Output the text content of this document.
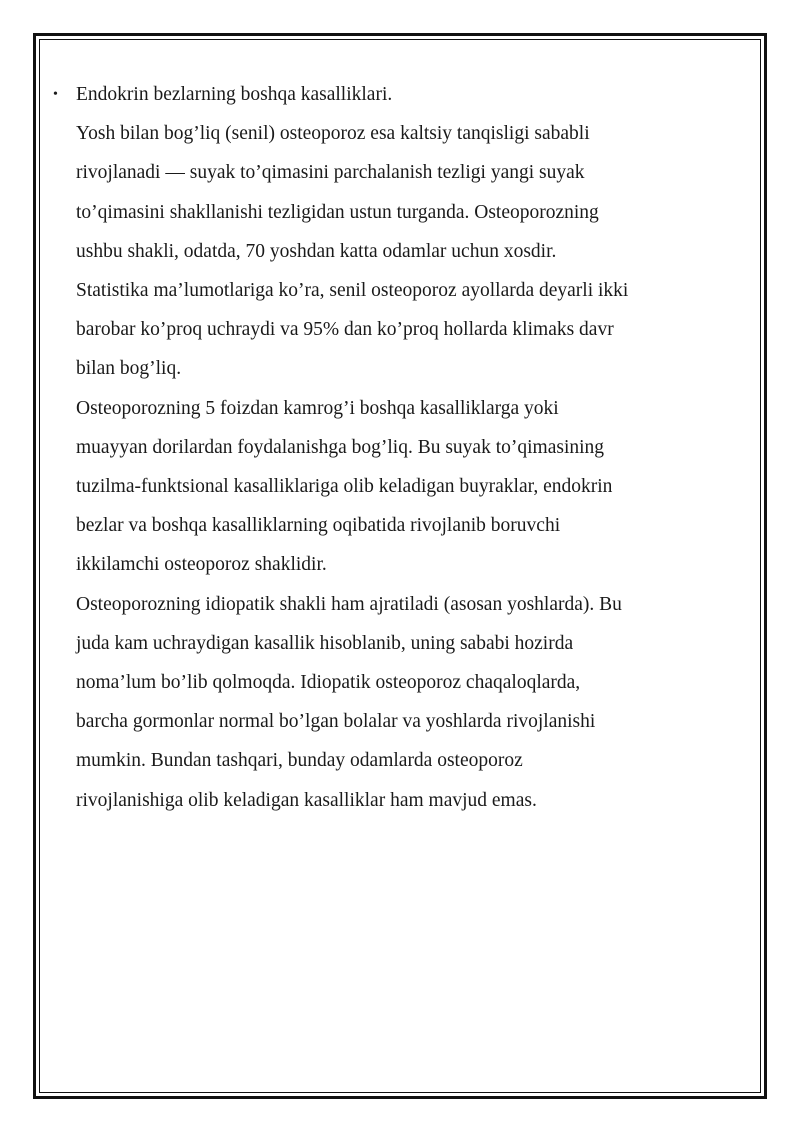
• Endokrin bezlarning boshqa kasalliklari.
Yosh bilan bog’liq (senil) osteoporoz esa kaltsiy tanqisligi sababli
rivojlanadi — suyak to’qimasini parchalanish tezligi yangi suyak
to’qimasini shakllanishi tezligidan ustun turganda. Osteoporozning
ushbu shakli, odatda, 70 yoshdan katta odamlar uchun xosdir.
Statistika ma’lumotlariga ko’ra, senil osteoporoz ayollarda deyarli ikki
barobar ko’proq uchraydi va 95% dan ko’proq hollarda klimaks davr
bilan bog’liq.
Osteoporozning 5 foizdan kamrog’i boshqa kasalliklarga yoki
muayyan dorilardan foydalanishga bog’liq. Bu suyak to’qimasining
tuzilma-funktsional kasalliklariga olib keladigan buyraklar, endokrin
bezlar va boshqa kasalliklarning oqibatida rivojlanib boruvchi
ikkilamchi osteoporoz shaklidir.
Osteoporozning idiopatik shakli ham ajratiladi (asosan yoshlarda). Bu
juda kam uchraydigan kasallik hisoblanib, uning sababi hozirda
noma’lum bo’lib qolmoqda. Idiopatik osteoporoz chaqaloqlarda,
barcha gormonlar normal bo’lgan bolalar va yoshlarda rivojlanishi
mumkin. Bundan tashqari, bunday odamlarda osteoporoz
rivojlanishiga olib keladigan kasalliklar ham mavjud emas.
